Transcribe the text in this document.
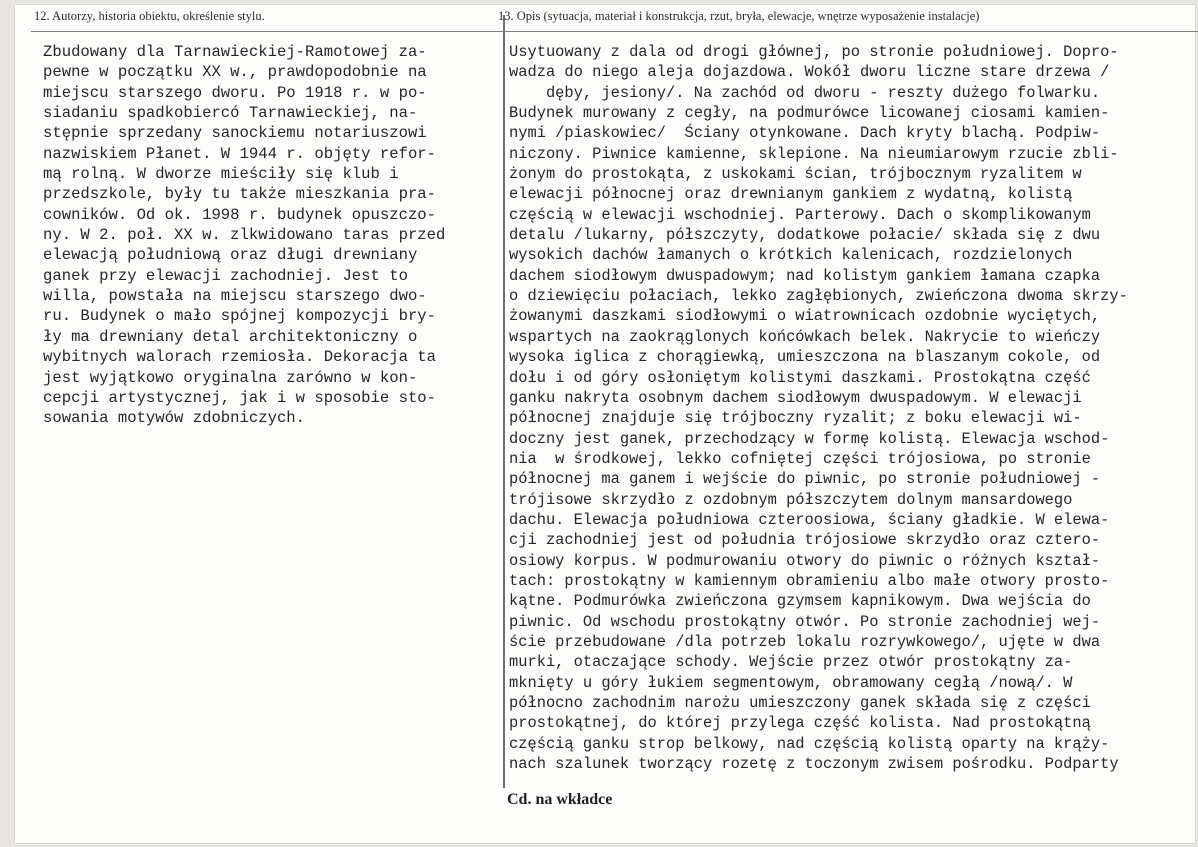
12. Autorzy, historia obiektu, określenie stylu.	13. Opis (sytuacja, materiał i konstrukcja, rzut, bryła, elewacje, wnętrze wyposażenie instalacje)
Zbudowany dla Tarnawieckiej-Ramotowej za-
pewne w początku XX w., prawdopodobnie na
miejscu starszego dworu. Po 1918 r. w po-
siadaniu spadkobiercó Tarnawieckiej, na-
stępnie sprzedany sanockiemu notariuszowi
nazwiskiem Płanet. W 1944 r. objęty refor-
mą rolną. W dworze mieściły się klub i
przedszkole, były tu także mieszkania pra-
cowników. Od ok. 1998 r. budynek opuszczo-
ny. W 2. poł. XX w. zlkwidowano taras przed
elewacją południową oraz długi drewniany
ganek przy elewacji zachodniej. Jest to
willa, powstała na miejscu starszego dwo-
ru. Budynek o mało spójnej kompozycji bry-
ły ma drewniany detal architektoniczny o
wybitnych walorach rzemiosła. Dekoracja ta
jest wyjątkowo oryginalna zarówno w kon-
cepcji artystycznej, jak i w sposobie sto-
sowania motywów zdobniczych.
Usytuowany z dala od drogi głównej, po stronie południowej. Dopro-
wadza do niego aleja dojazdowa. Wokół dworu liczne stare drzewa /
dęby, jesiony/. Na zachód od dworu - reszty dużego folwarku.
Budynek murowany z cegły, na podmurówce licowanej ciosami kamien-
nymi /piaskowiec/  Ściany otynkowane. Dach kryty blachą. Podpiw-
niczony. Piwnice kamienne, sklepione. Na nieumiarowym rzucie zbli-
żonym do prostokąta, z uskokami ścian, trójbocznym ryzalitem w
elewacji północnej oraz drewnianym gankiem z wydatną, kolistą
częścią w elewacji wschodniej. Parterowy. Dach o skomplikowanym
detalu /lukarny, półszczyty, dodatkowe połacie/ składa się z dwu
wysokich dachów łamanych o krótkich kalenicach, rozdzielonych
dachem siodłowym dwuspadowym; nad kolistym gankiem łamana czapka
o dziewięciu połaciach, lekko zagłębionych, zwieńczona dwoma skrzy-
żowanymi daszkami siodłowymi o wiatrownicach ozdobnie wyciętych,
wspartych na zaokrąglonych końcówkach belek. Nakrycie to wieńczy
wysoka iglica z chorągiewką, umieszczona na blaszanym cokole, od
dołu i od góry osłoniętym kolistymi daszkami. Prostokątna część
ganku nakryta osobnym dachem siodłowym dwuspadowym. W elewacji
północnej znajduje się trójboczny ryzalit; z boku elewacji wi-
doczny jest ganek, przechodzący w formę kolistą. Elewacja wschod-
nia  w środkowej, lekko cofniętej części trójosiowa, po stronie
północnej ma ganem i wejście do piwnic, po stronie południowej -
trójisowe skrzydło z ozdobnym półszczytem dolnym mansardowego
dachu. Elewacja południowa czteroosiowa, ściany gładkie. W elewa-
cji zachodniej jest od południa trójosiowe skrzydło oraz cztero-
osiowy korpus. W podmurowaniu otwory do piwnic o różnych kształ-
tach: prostokątny w kamiennym obramieniu albo małe otwory prosto-
kątne. Podmurówka zwieńczona gzymsem kapnikowym. Dwa wejścia do
piwnic. Od wschodu prostokątny otwór. Po stronie zachodniej wej-
ście przebudowane /dla potrzeb lokalu rozrywkowego/, ujęte w dwa
murki, otaczające schody. Wejście przez otwór prostokątny za-
mknięty u góry łukiem segmentowym, obramowany cegłą /nową/. W
północno zachodnim narożu umieszczony ganek składa się z części
prostokątnej, do której przylega część kolista. Nad prostokątną
częścią ganku strop belkowy, nad częścią kolistą oparty na krąży-
nach szalunek tworzący rozetę z toczonym zwisem pośrodku. Podparty
Cd. na wkładce
